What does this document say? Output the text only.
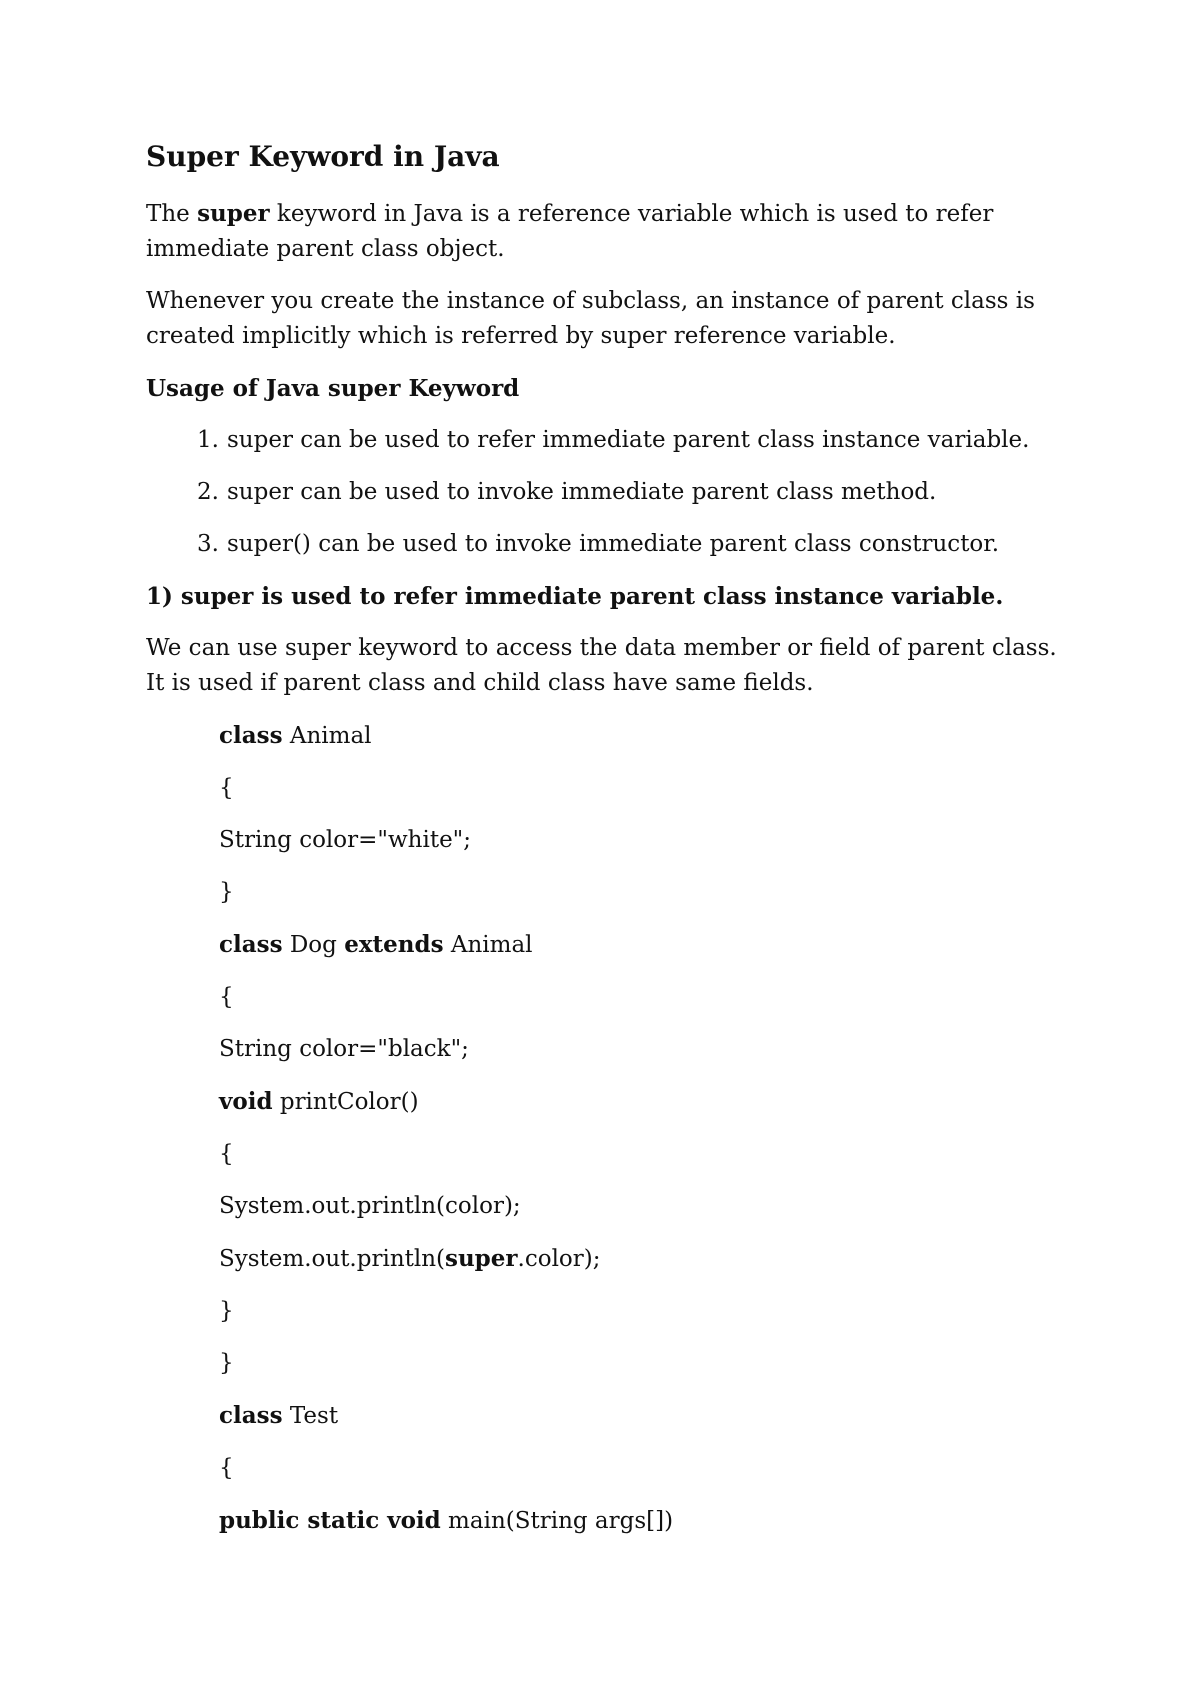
Super Keyword in Java

The super keyword in Java is a reference variable which is used to refer immediate parent class object.

Whenever you create the instance of subclass, an instance of parent class is created implicitly which is referred by super reference variable.

Usage of Java super Keyword
1. super can be used to refer immediate parent class instance variable.
2. super can be used to invoke immediate parent class method.
3. super() can be used to invoke immediate parent class constructor.
1) super is used to refer immediate parent class instance variable.

We can use super keyword to access the data member or field of parent class. It is used if parent class and child class have same fields.

class Animal
{
String color="white";
}
class Dog extends Animal
{
String color="black";
void printColor()
{
System.out.println(color);
System.out.println(super.color);
}
}
class Test
{
public static void main(String args[])
